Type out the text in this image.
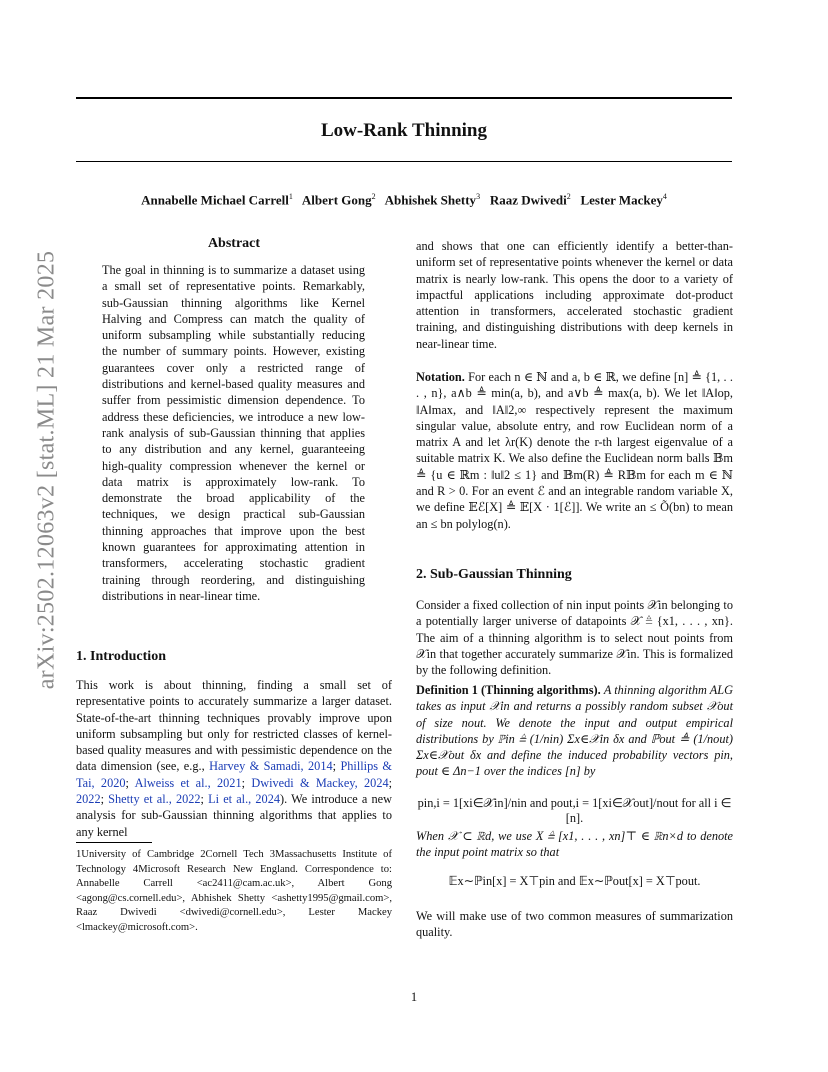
Low-Rank Thinning
Annabelle Michael Carrell$^1$ Albert Gong$^2$ Abhishek Shetty$^3$ Raaz Dwivedi$^2$ Lester Mackey$^4$
arXiv:2502.12063v2 [stat.ML] 21 Mar 2025
Abstract
The goal in thinning is to summarize a dataset using a small set of representative points. Remarkably, sub-Gaussian thinning algorithms like Kernel Halving and Compress can match the quality of uniform subsampling while substantially reducing the number of summary points. However, existing guarantees cover only a restricted range of distributions and kernel-based quality measures and suffer from pessimistic dimension dependence. To address these deficiencies, we introduce a new low-rank analysis of sub-Gaussian thinning that applies to any distribution and any kernel, guaranteeing high-quality compression whenever the kernel or data matrix is approximately low-rank. To demonstrate the broad applicability of the techniques, we design practical sub-Gaussian thinning approaches that improve upon the best known guarantees for approximating attention in transformers, accelerating stochastic gradient training through reordering, and distinguishing distributions in near-linear time.
1. Introduction
This work is about thinning, finding a small set of representative points to accurately summarize a larger dataset. State-of-the-art thinning techniques provably improve upon uniform subsampling but only for restricted classes of kernel-based quality measures and with pessimistic dependence on the data dimension (see, e.g., Harvey & Samadi, 2014; Phillips & Tai, 2020; Alweiss et al., 2021; Dwivedi & Mackey, 2024; 2022; Shetty et al., 2022; Li et al., 2024). We introduce a new analysis for sub-Gaussian thinning algorithms that applies to any kernel
1University of Cambridge 2Cornell Tech 3Massachusetts Institute of Technology 4Microsoft Research New England. Correspondence to: Annabelle Carrell <ac2411@cam.ac.uk>, Albert Gong <agong@cs.cornell.edu>, Abhishek Shetty <ashetty1995@gmail.com>, Raaz Dwivedi <dwivedi@cornell.edu>, Lester Mackey <lmackey@microsoft.com>.
and shows that one can efficiently identify a better-than-uniform set of representative points whenever the kernel or data matrix is nearly low-rank. This opens the door to a variety of impactful applications including approximate dot-product attention in transformers, accelerated stochastic gradient training, and distinguishing distributions with deep kernels in near-linear time.
Notation. For each n ∈ ℕ and a, b ∈ ℝ, we define [n] ≜ {1, . . . , n}, a∧b ≜ min(a, b), and a∨b ≜ max(a, b). We let ‖A‖op, ‖A‖max, and ‖A‖2,∞ respectively represent the maximum singular value, absolute entry, and row Euclidean norm of a matrix A and let λr(K) denote the r-th largest eigenvalue of a suitable matrix K. We also define the Euclidean norm balls 𝔹m ≜ {u ∈ ℝm : ‖u‖2 ≤ 1} and 𝔹m(R) ≜ R𝔹m for each m ∈ ℕ and R > 0. For an event ℰ and an integrable random variable X, we define 𝔼ℰ[X] ≜ 𝔼[X · 1[ℰ]]. We write an ≤ Õ(bn) to mean an ≤ bn polylog(n).
2. Sub-Gaussian Thinning
Consider a fixed collection of nin input points 𝒳in belonging to a potentially larger universe of datapoints 𝒳 ≜ {x1, . . . , xn}. The aim of a thinning algorithm is to select nout points from 𝒳in that together accurately summarize 𝒳in. This is formalized by the following definition.
Definition 1 (Thinning algorithms). A thinning algorithm ALG takes as input 𝒳in and returns a possibly random subset 𝒳out of size nout. We denote the input and output empirical distributions by ℙin ≜ (1/nin) Σx∈𝒳in δx and ℙout ≜ (1/nout) Σx∈𝒳out δx and define the induced probability vectors pin, pout ∈ Δn−1 over the indices [n] by
pin,i = 1[xi∈𝒳in]/nin and pout,i = 1[xi∈𝒳out]/nout for all i ∈ [n].
When 𝒳 ⊂ ℝd, we use X ≜ [x1, . . . , xn]⊤ ∈ ℝn×d to denote the input point matrix so that
𝔼x∼ℙin[x] = X⊤pin and 𝔼x∼ℙout[x] = X⊤pout.
We will make use of two common measures of summarization quality.
1
